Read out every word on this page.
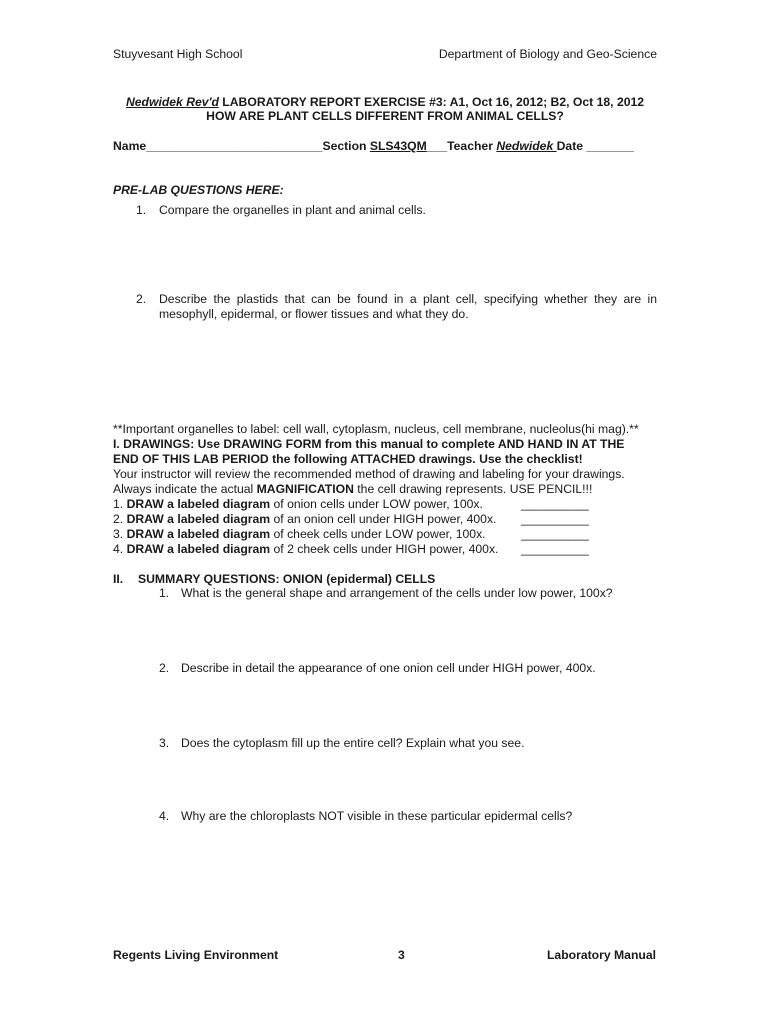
Stuyvesant High School	Department of Biology and Geo-Science
Nedwidek Rev'd LABORATORY REPORT EXERCISE #3: A1, Oct 16, 2012; B2, Oct 18, 2012
HOW ARE PLANT CELLS DIFFERENT FROM ANIMAL CELLS?
Name__________________________Section SLS43QM___Teacher Nedwidek Date _______
PRE-LAB QUESTIONS HERE:
1. Compare the organelles in plant and animal cells.
2. Describe the plastids that can be found in a plant cell, specifying whether they are in mesophyll, epidermal, or flower tissues and what they do.
**Important organelles to label: cell wall, cytoplasm, nucleus, cell membrane, nucleolus(hi mag).**
I. DRAWINGS: Use DRAWING FORM from this manual to complete AND HAND IN AT THE
END OF THIS LAB PERIOD the following ATTACHED drawings. Use the checklist!
Your instructor will review the recommended method of drawing and labeling for your drawings.
Always indicate the actual MAGNIFICATION the cell drawing represents. USE PENCIL!!!
1. DRAW a labeled diagram of onion cells under LOW power, 100x.	__________
2. DRAW a labeled diagram of an onion cell under HIGH power, 400x. __________
3. DRAW a labeled diagram of cheek cells under LOW power, 100x.	__________
4. DRAW a labeled diagram of 2 cheek cells under HIGH power, 400x. __________
II. SUMMARY QUESTIONS: ONION (epidermal) CELLS
1. What is the general shape and arrangement of the cells under low power, 100x?
2. Describe in detail the appearance of one onion cell under HIGH power, 400x.
3. Does the cytoplasm fill up the entire cell? Explain what you see.
4. Why are the chloroplasts NOT visible in these particular epidermal cells?
Regents Living Environment	3	Laboratory Manual
